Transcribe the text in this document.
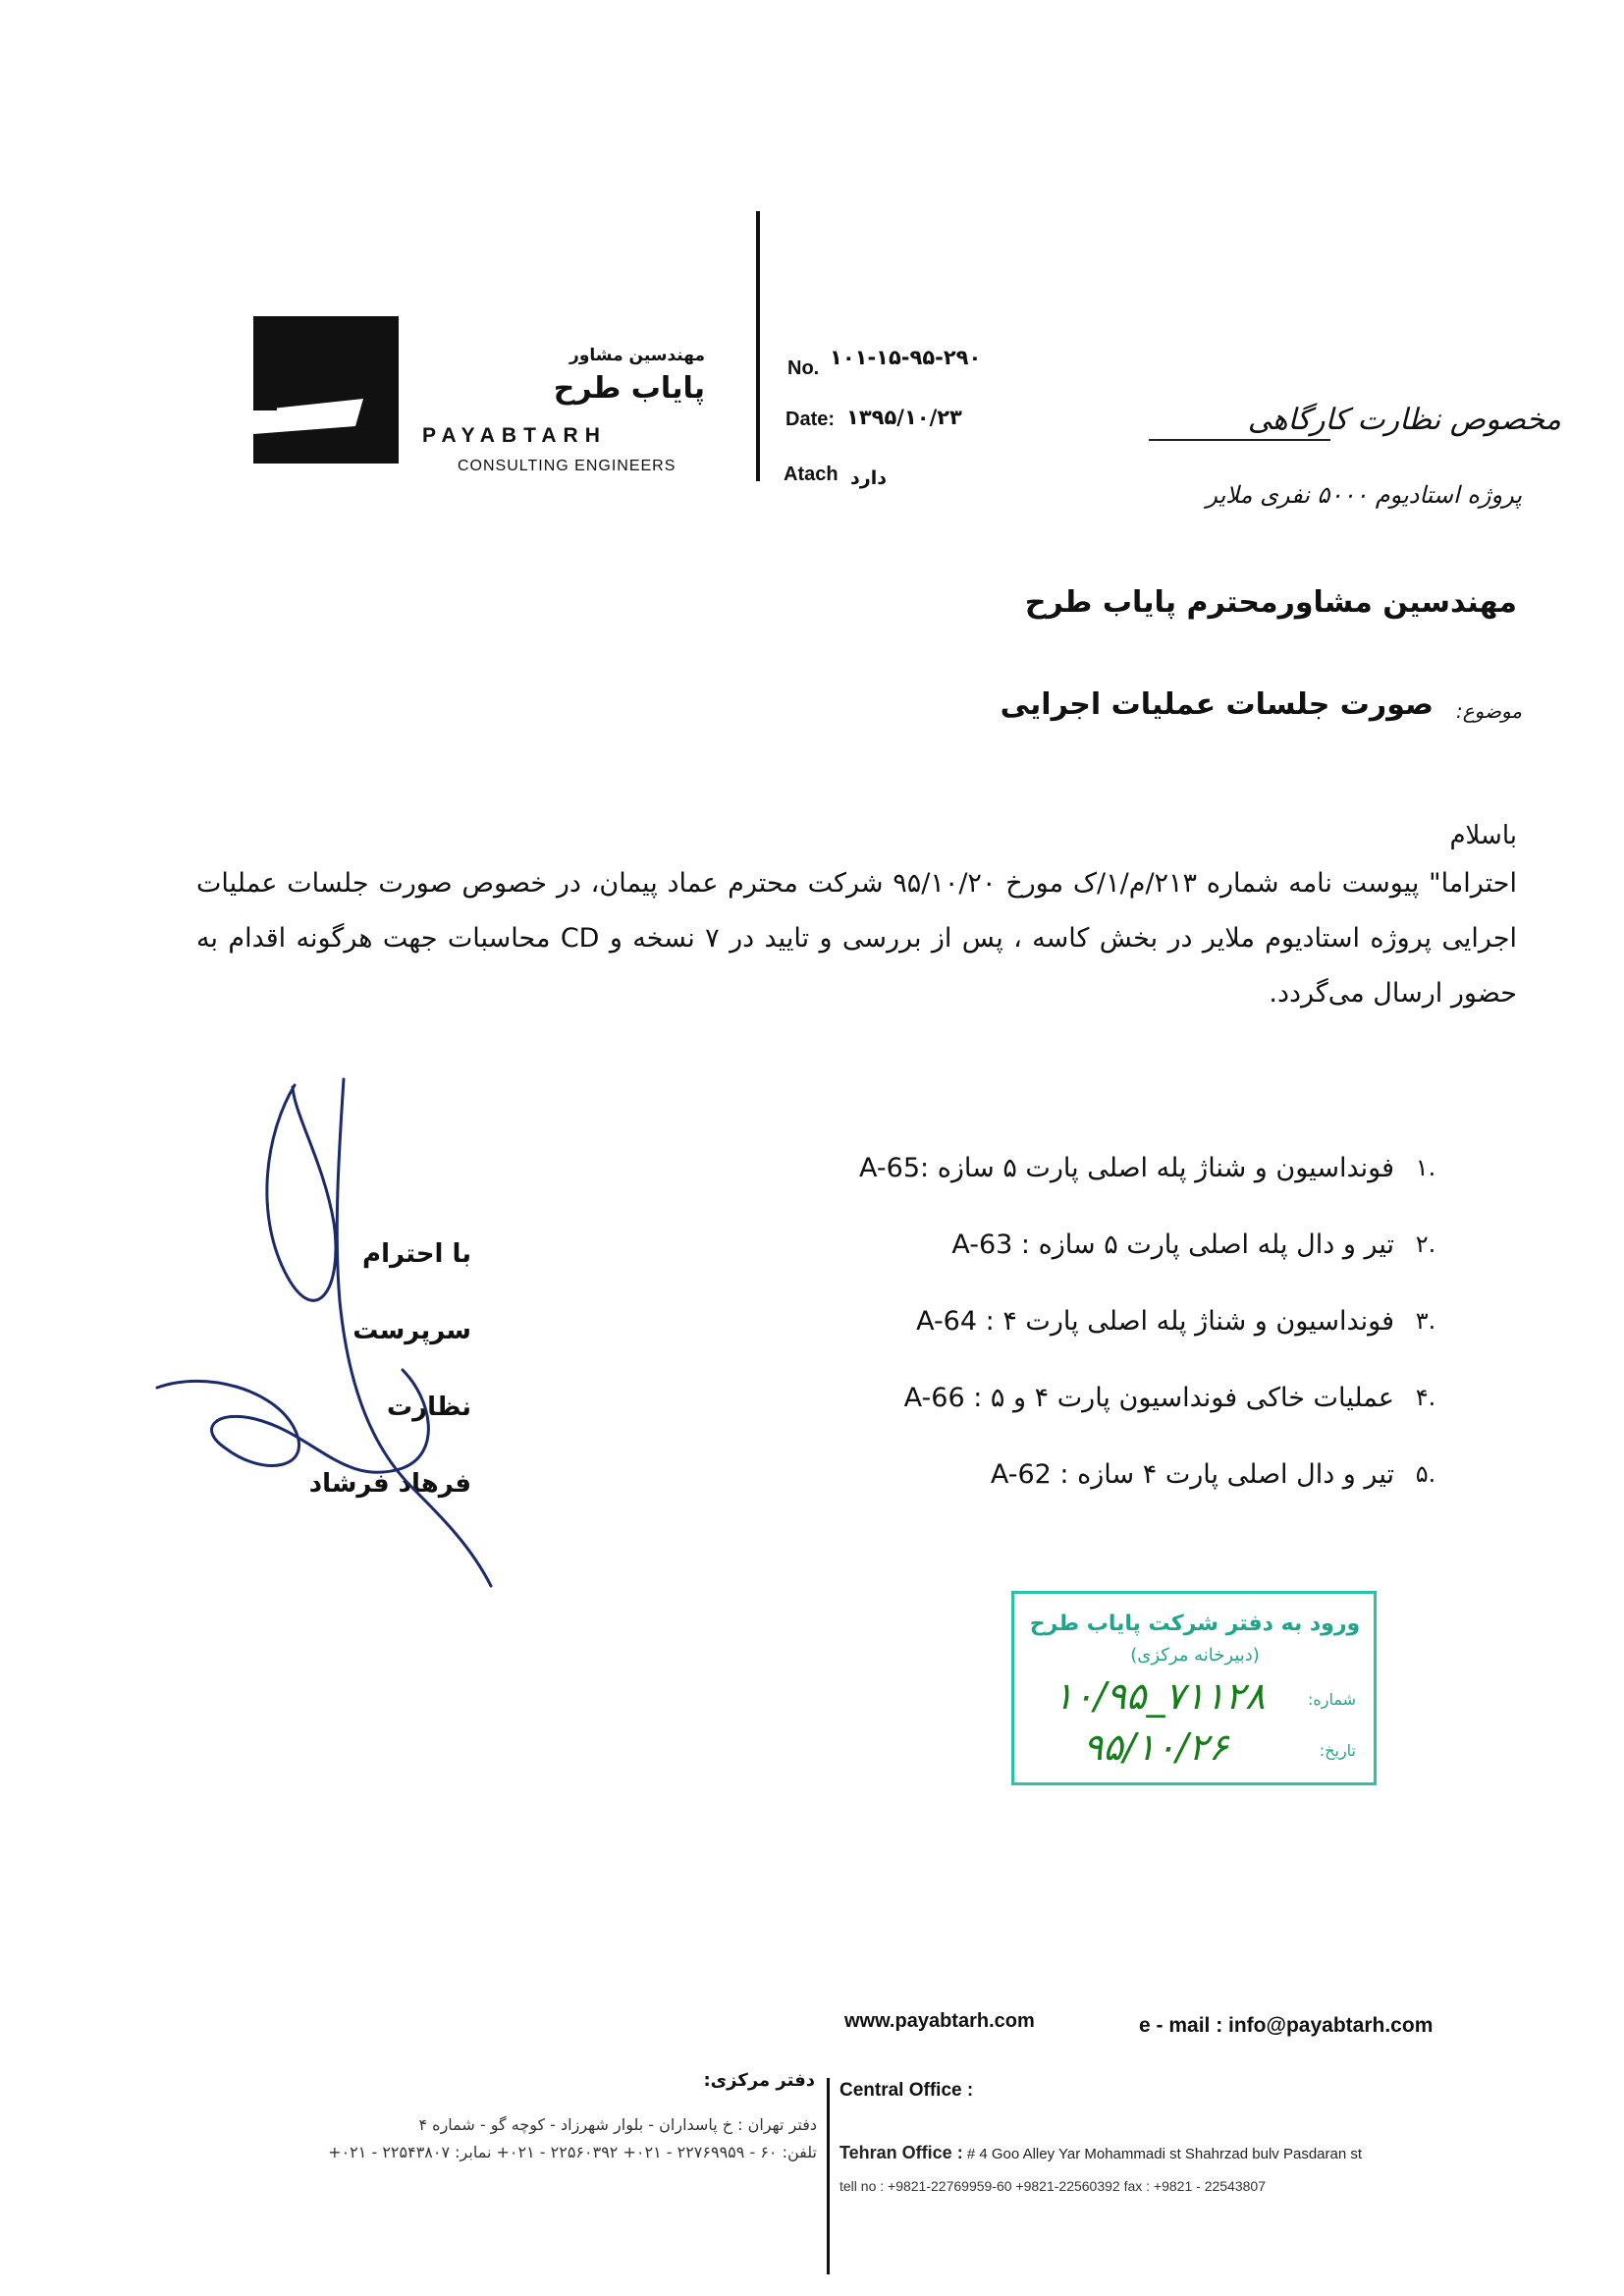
مهندسین مشاور
پایاب طرح
PAYABTARH
CONSULTING ENGINEERS
No. ۱۰۱-۱۵-۹۵-۲۹۰
Date: ۱۳۹۵/۱۰/۲۳
Atach دارد
مخصوص نظارت کارگاهی
پروژه استادیوم ۵۰۰۰ نفری ملایر
مهندسین مشاورمحترم پایاب طرح
موضوع:
صورت جلسات عملیات اجرایی
باسلام
احتراما" پیوست نامه شماره ۲۱۳/م/۱/ک مورخ ۹۵/۱۰/۲۰ شرکت محترم عماد پیمان، در خصوص صورت جلسات عملیات اجرایی پروژه استادیوم ملایر در بخش کاسه ، پس از بررسی و تایید در ۷ نسخه و CD محاسبات جهت هرگونه اقدام به حضور ارسال می‌گردد.
A-65: فونداسیون و شناژ پله اصلی پارت ۵ سازه ۱.
A-63 : تیر و دال پله اصلی پارت ۵ سازه ۲.
A-64 : فونداسیون و شناژ پله اصلی پارت ۴ ۳.
A-66 : عملیات خاکی فونداسیون پارت ۴ و ۵ ۴.
A-62 : تیر و دال اصلی پارت ۴ سازه ۵.
با احترام
سرپرست نظارت
فرهاد فرشاد
ورود به دفتر شرکت پایاب طرح
(دبیرخانه مرکزی)
شماره:
تاریخ:
۱۰/۹۵_۷۱۱۲۸
۹۵/۱۰/۲۶
www.payabtarh.com	e - mail : info@payabtarh.com
دفتر مرکزی: Central Office :
دفتر تهران : خ پاسداران - بلوار شهرزاد - کوچه گو - شماره ۴
تلفن: ۶۰ - ۲۲۷۶۹۹۵۹ - ۰۲۱+ ۲۲۵۶۰۳۹۲ - ۰۲۱+ نمابر: ۲۲۵۴۳۸۰۷ - ۰۲۱+ Tehran Office : # 4 Goo Alley Yar Mohammadi st Shahrzad bulv Pasdaran st
tell no : +9821-22769959-60 +9821-22560392 fax : +9821 - 22543807
